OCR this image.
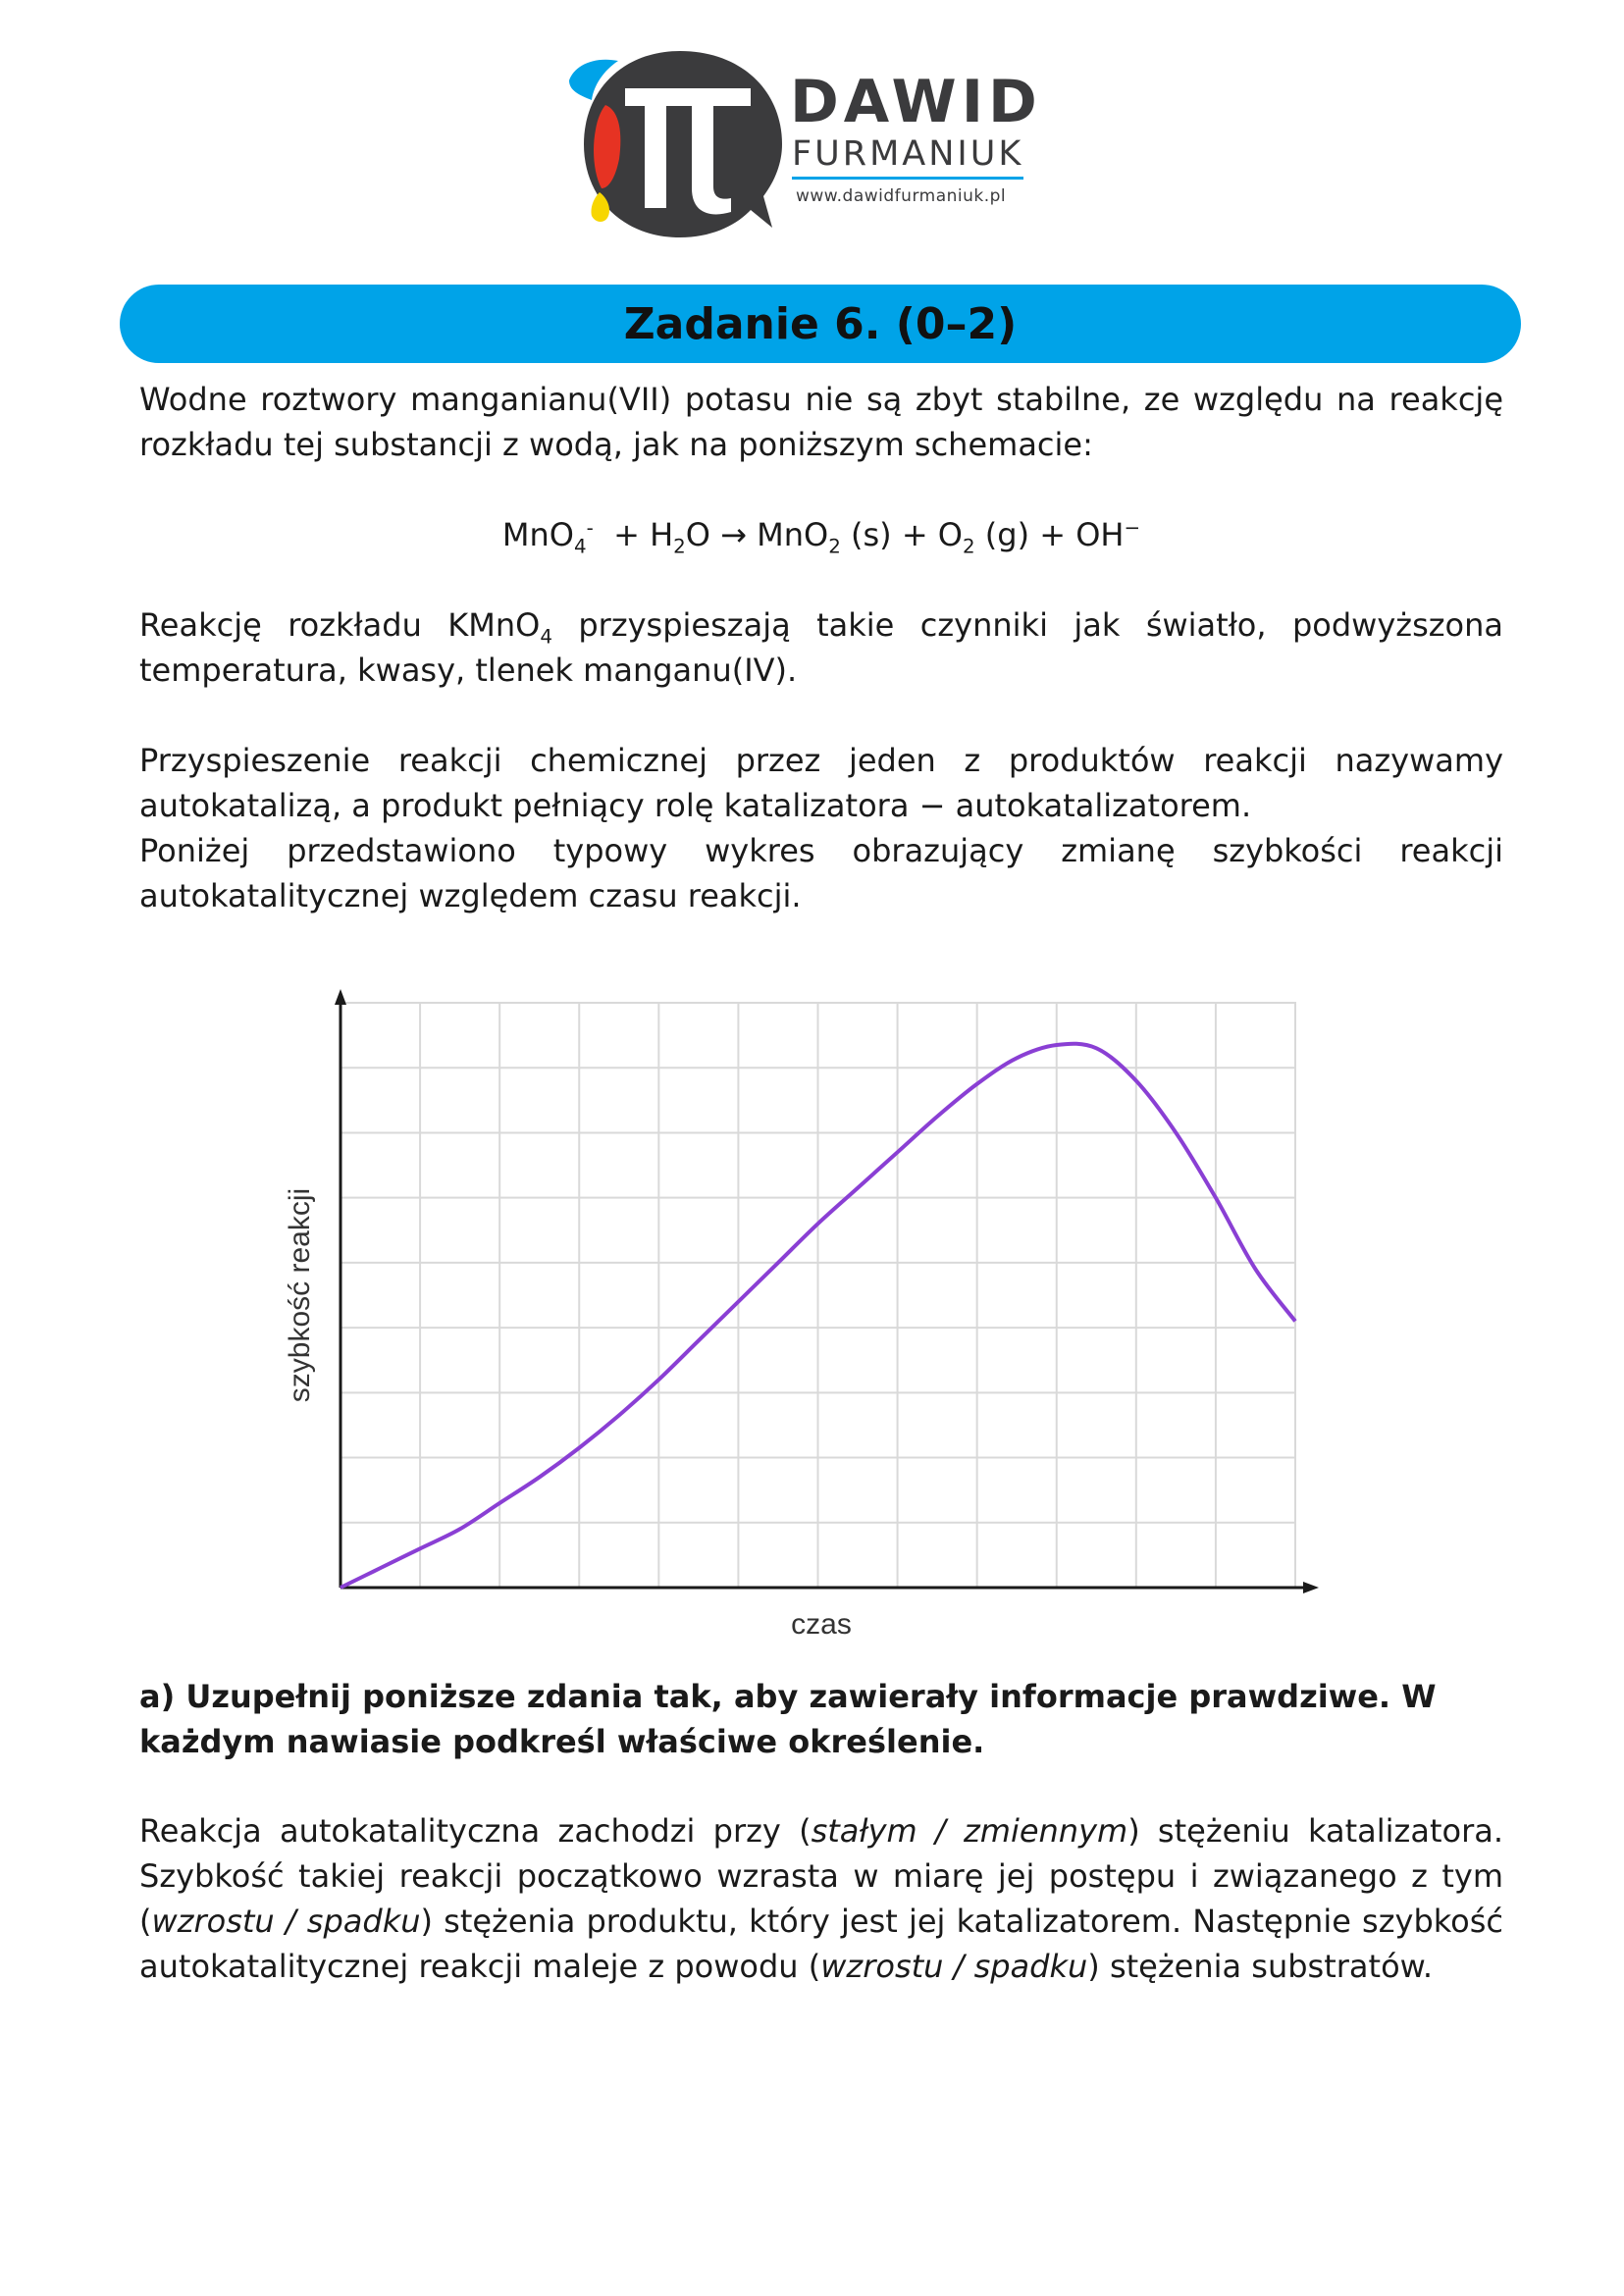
DAWID
FURMANIUK
www.dawidfurmaniuk.pl
Zadanie 6. (0–2)

Wodne roztwory manganianu(VII) potasu nie są zbyt stabilne, ze względu na reakcję rozkładu tej substancji z wodą, jak na poniższym schemacie:

$MnO_4^- + H_2O \to MnO_2$ $(s) + O_2$ (g) + OH−

Reakcję rozkładu KMnO$_4$ przyspieszają takie czynniki jak światło, podwyższona temperatura, kwasy, tlenek manganu(IV).

Przyspieszenie reakcji chemicznej przez jeden z produktów reakcji nazywamy autokatalizą, a produkt pełniący rolę katalizatora − autokatalizatorem.

Poniżej przedstawiono typowy wykres obrazujący zmianę szybkości reakcji autokatalitycznej względem czasu reakcji.

czas
szybkość reakcji

a) Uzupełnij poniższe zdania tak, aby zawierały informacje prawdziwe. W każdym nawiasie podkreśl właściwe określenie.

Reakcja autokatalityczna zachodzi przy (stałym / zmiennym) stężeniu katalizatora. Szybkość takiej reakcji początkowo wzrasta w miarę jej postępu i związanego z tym (wzrostu / spadku) stężenia produktu, który jest jej katalizatorem. Następnie szybkość autokatalitycznej reakcji maleje z powodu (wzrostu / spadku) stężenia substratów.
